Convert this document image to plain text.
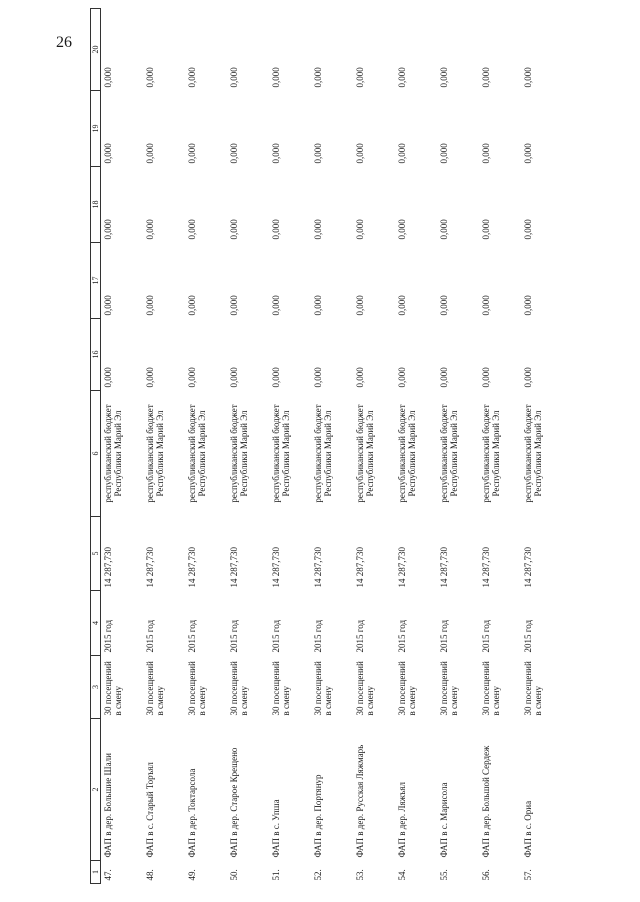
26
1	2	3	4	5	6	16	17	18	19	20
47.	ФАП в дер. Большие Шали	30 посещений в смену	2015 год	14 287,730	республиканский бюджет Республики Марий Эл	0,000	0,000	0,000	0,000	0,000
48.	ФАП в с. Старый Торъял	30 посещений в смену	2015 год	14 287,730	республиканский бюджет Республики Марий Эл	0,000	0,000	0,000	0,000	0,000
49.	ФАП в дер. Токтарсола	30 посещений в смену	2015 год	14 287,730	республиканский бюджет Республики Марий Эл	0,000	0,000	0,000	0,000	0,000
50.	ФАП в дер. Старое Крещено	30 посещений в смену	2015 год	14 287,730	республиканский бюджет Республики Марий Эл	0,000	0,000	0,000	0,000	0,000
51.	ФАП в с. Упша	30 посещений в смену	2015 год	14 287,730	республиканский бюджет Республики Марий Эл	0,000	0,000	0,000	0,000	0,000
52.	ФАП в дер. Портянур	30 посещений в смену	2015 год	14 287,730	республиканский бюджет Республики Марий Эл	0,000	0,000	0,000	0,000	0,000
53.	ФАП в дер. Русская Ляжмарь	30 посещений в смену	2015 год	14 287,730	республиканский бюджет Республики Марий Эл	0,000	0,000	0,000	0,000	0,000
54.	ФАП в дер. Ляжъял	30 посещений в смену	2015 год	14 287,730	республиканский бюджет Республики Марий Эл	0,000	0,000	0,000	0,000	0,000
55.	ФАП в с. Марисола	30 посещений в смену	2015 год	14 287,730	республиканский бюджет Республики Марий Эл	0,000	0,000	0,000	0,000	0,000
56.	ФАП в дер. Большой Сердеж	30 посещений в смену	2015 год	14 287,730	республиканский бюджет Республики Марий Эл	0,000	0,000	0,000	0,000	0,000
57.	ФАП в с. Ориа	30 посещений в смену	2015 год	14 287,730	республиканский бюджет Республики Марий Эл	0,000	0,000	0,000	0,000	0,000
